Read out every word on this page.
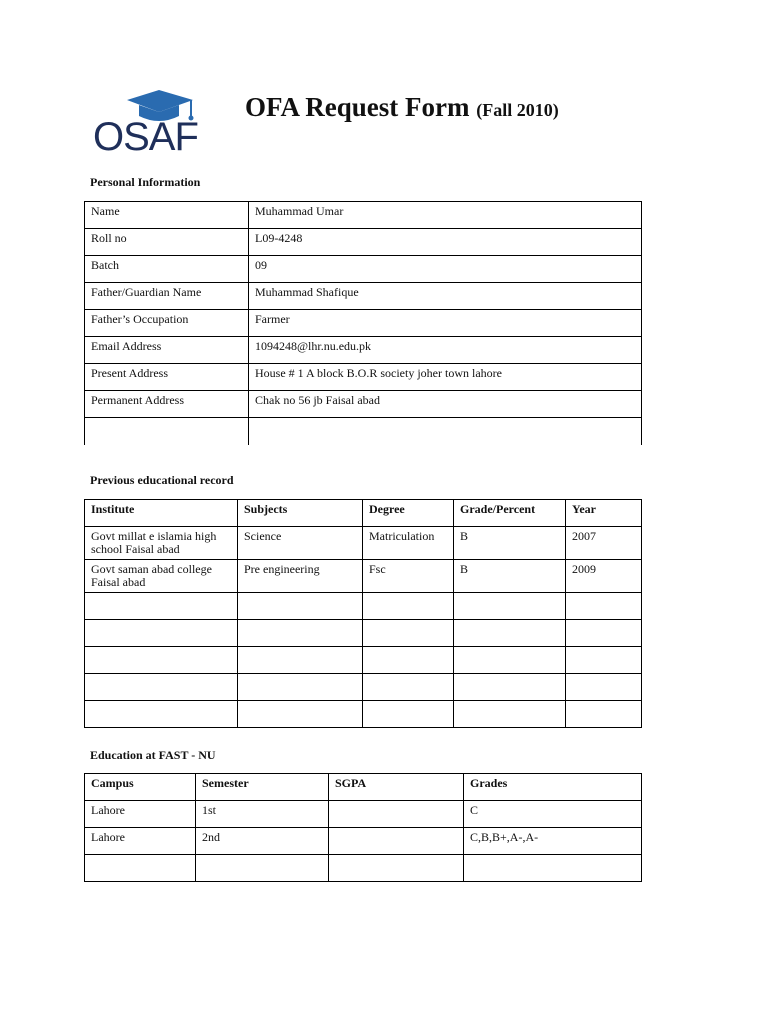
OSAF
OFA Request Form (Fall 2010)
Personal Information
Name	Muhammad Umar
Roll no	L09-4248
Batch	09
Father/Guardian Name	Muhammad Shafique
Father’s Occupation	Farmer
Email Address	1094248@lhr.nu.edu.pk
Present Address	House # 1 A block B.O.R society joher town lahore
Permanent Address	Chak no 56 jb Faisal abad

Previous educational record
Institute	Subjects	Degree	Grade/Percent	Year
Govt millat e islamia high school Faisal abad	Science	Matriculation	B	2007
Govt saman abad college Faisal abad	Pre engineering	Fsc	B	2009

Education at FAST - NU
Campus	Semester	SGPA	Grades
Lahore	1st		C
Lahore	2nd		C,B,B+,A-,A-
